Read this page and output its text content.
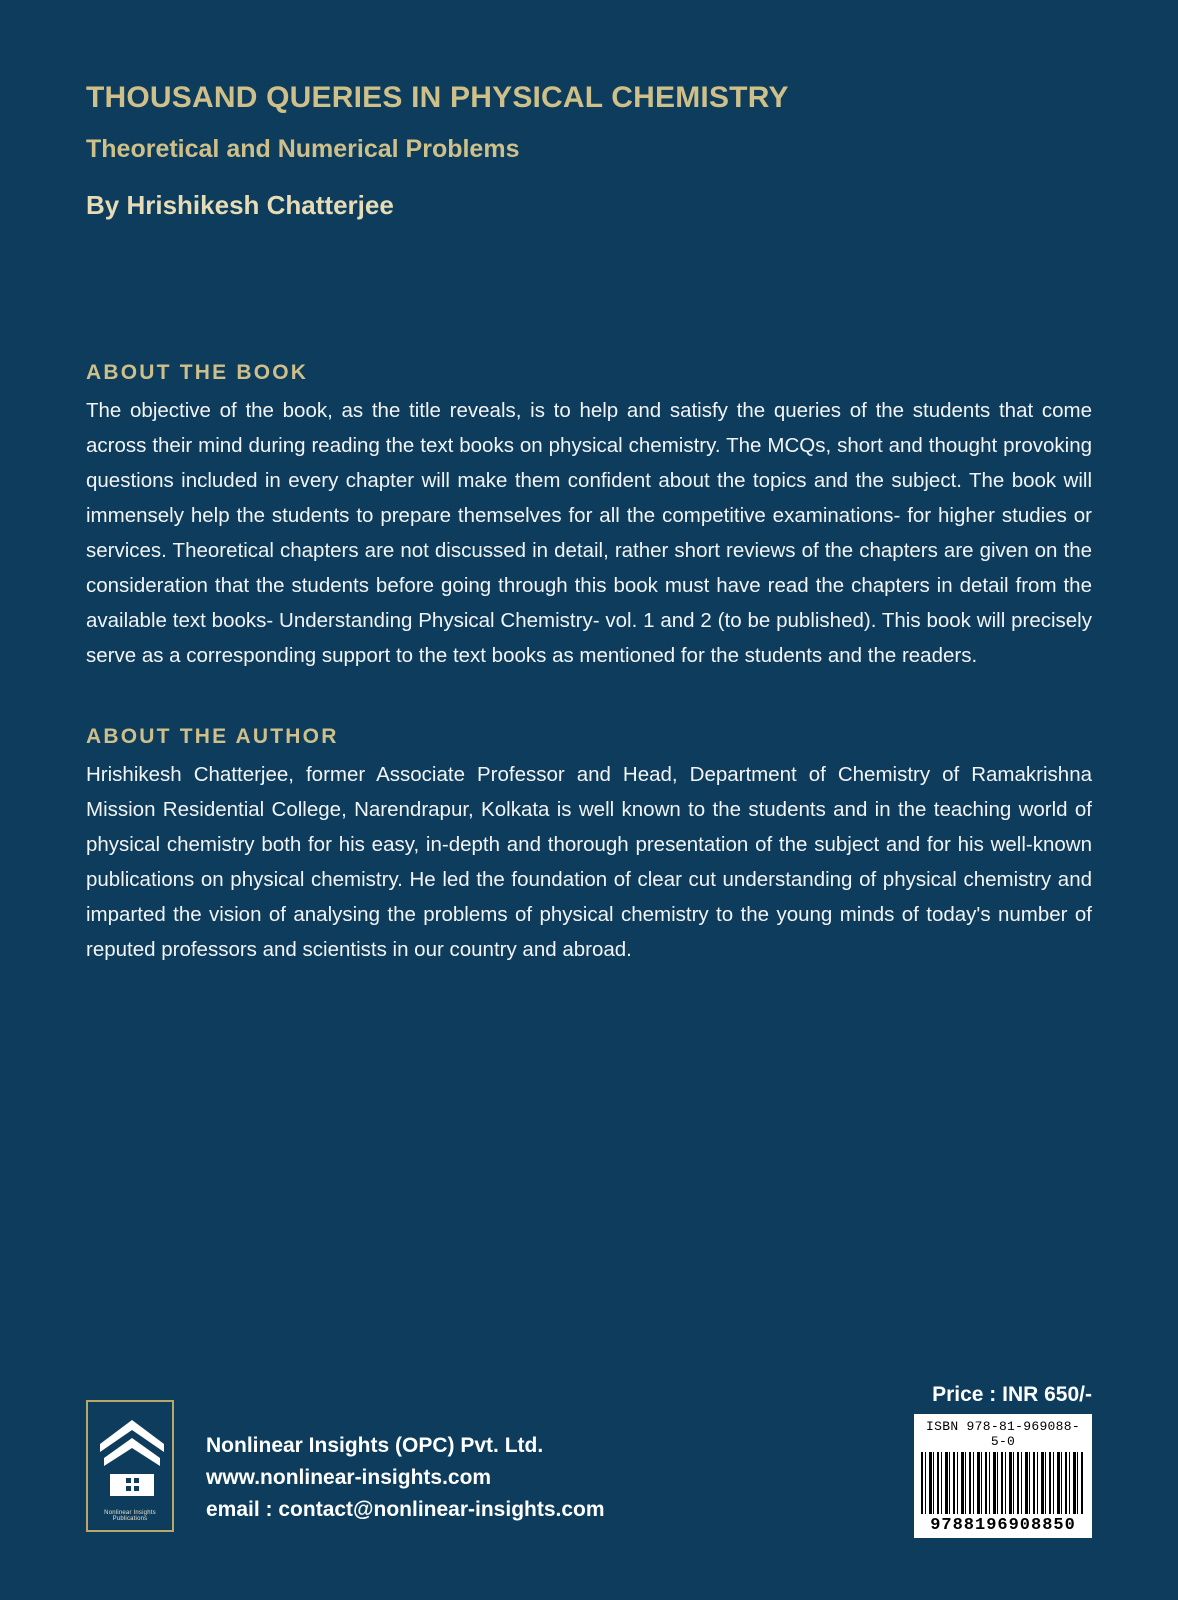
THOUSAND QUERIES IN PHYSICAL CHEMISTRY
Theoretical and Numerical Problems
By Hrishikesh Chatterjee
ABOUT THE BOOK

The objective of the book, as the title reveals, is to help and satisfy the queries of the students that come across their mind during reading the text books on physical chemistry. The MCQs, short and thought provoking questions included in every chapter will make them confident about the topics and the subject. The book will immensely help the students to prepare themselves for all the competitive examinations- for higher studies or services. Theoretical chapters are not discussed in detail, rather short reviews of the chapters are given on the consideration that the students before going through this book must have read the chapters in detail from the available text books- Understanding Physical Chemistry- vol. 1 and 2 (to be published). This book will precisely serve as a corresponding support to the text books as mentioned for the students and the readers.

ABOUT THE AUTHOR

Hrishikesh Chatterjee, former Associate Professor and Head, Department of Chemistry of Ramakrishna Mission Residential College, Narendrapur, Kolkata is well known to the students and in the teaching world of physical chemistry both for his easy, in-depth and thorough presentation of the subject and for his well-known publications on physical chemistry. He led the foundation of clear cut understanding of physical chemistry and imparted the vision of analysing the problems of physical chemistry to the young minds of today's number of reputed professors and scientists in our country and abroad.

Nonlinear Insights Publications
Nonlinear Insights (OPC) Pvt. Ltd.
www.nonlinear-insights.com
email : contact@nonlinear-insights.com
Price : INR 650/-
ISBN 978-81-969088-5-0
9788196908850
